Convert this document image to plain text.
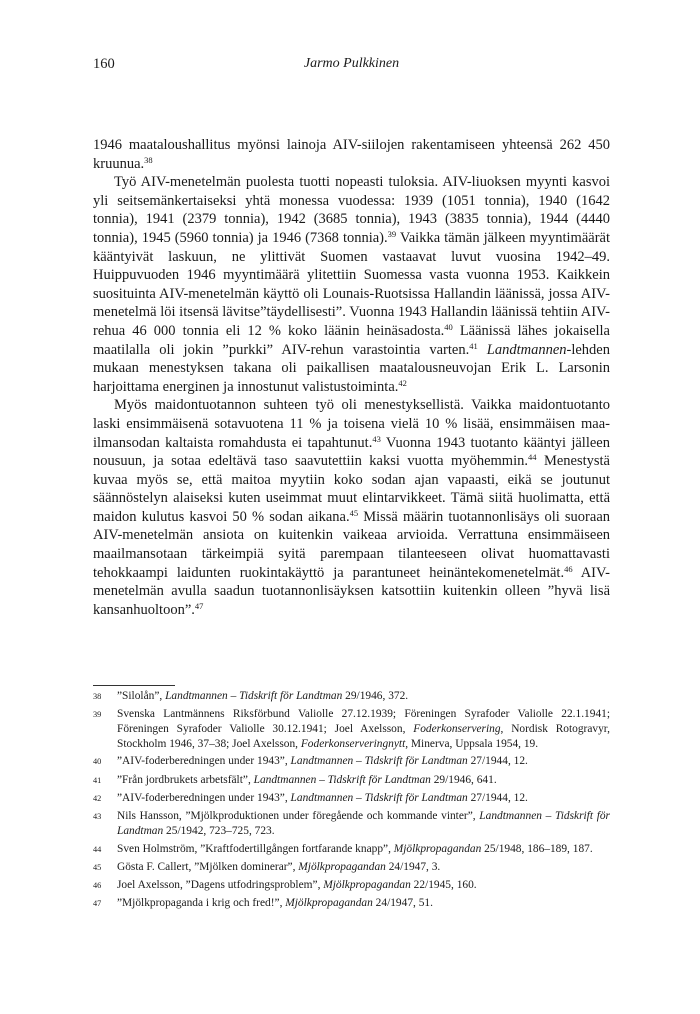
160	Jarmo Pulkkinen

1946 maataloushallitus myönsi lainoja AIV-siilojen rakentamiseen yhteensä 262 450 kruunua.$^{38}$

Työ AIV-menetelmän puolesta tuotti nopeasti tuloksia. AIV-liuoksen myynti kasvoi yli seitsemänkertaiseksi yhtä monessa vuodessa: 1939 (1051 tonnia), 1940 (1642 tonnia), 1941 (2379 tonnia), 1942 (3685 tonnia), 1943 (3835 tonnia), 1944 (4440 tonnia), 1945 (5960 tonnia) ja 1946 (7368 tonnia).$^{39}$ Vaikka tämän jälkeen myyntimäärät kääntyivät laskuun, ne ylittivät Suomen vastaavat luvut vuosina 1942–49. Huippuvuoden 1946 myyntimäärä ylitettiin Suomessa vasta vuonna 1953. Kaikkein suosituinta AIV-menetelmän käyttö oli Lounais-Ruotsissa Hallandin läänissä, jossa AIV-menetelmä löi itsensä lävitse”täydellisesti”. Vuonna 1943 Hallandin läänissä tehtiin AIV-rehua 46 000 tonnia eli 12 % koko läänin heinäsadosta.$^{40}$ Läänissä lähes jokaisella maatilalla oli jokin ”purkki” AIV-rehun varastointia varten.$^{41}$ Landtmannen-lehden mukaan menestyksen takana oli paikallisen maatalousneuvojan Erik L. Larsonin harjoittama energinen ja innostunut valistustoiminta.$^{42}$

Myös maidontuotannon suhteen työ oli menestyksellistä. Vaikka maidontuotanto laski ensimmäisenä sotavuotena 11 % ja toisena vielä 10 % lisää, ensimmäisen maailmansodan kaltaista romahdusta ei tapahtunut.$^{43}$ Vuonna 1943 tuotanto kääntyi jälleen nousuun, ja sotaa edeltävä taso saavutettiin kaksi vuotta myöhemmin.$^{44}$ Menestystä kuvaa myös se, että maitoa myytiin koko sodan ajan vapaasti, eikä se joutunut säännöstelyn alaiseksi kuten useimmat muut elintarvikkeet. Tämä siitä huolimatta, että maidon kulutus kasvoi 50 % sodan aikana.$^{45}$ Missä määrin tuotannonlisäys oli suoraan AIV-menetelmän ansiota on kuitenkin vaikeaa arvioida. Verrattuna ensimmäiseen maailmansotaan tärkeimpiä syitä parempaan tilanteeseen olivat huomattavasti tehokkaampi laidunten ruokintakäyttö ja parantuneet heinäntekomenetelmät.$^{46}$ AIV-menetelmän avulla saadun tuotannonlisäyksen katsottiin kuitenkin olleen ”hyvä lisä kansanhuoltoon”.$^{47}$

38	”Silolån”, Landtmannen – Tidskrift för Landtman 29/1946, 372.
39	Svenska Lantmännens Riksförbund Valiolle 27.12.1939; Föreningen Syrafoder Valiolle 22.1.1941; Föreningen Syrafoder Valiolle 30.12.1941; Joel Axelsson, Foderkonservering, Nordisk Rotogravyr, Stockholm 1946, 37–38; Joel Axelsson, Foderkonserveringnytt, Minerva, Uppsala 1954, 19.
40	”AIV-foderberedningen under 1943”, Landtmannen – Tidskrift för Landtman 27/1944, 12.
41	”Från jordbrukets arbetsfält”, Landtmannen – Tidskrift för Landtman 29/1946, 641.
42	”AIV-foderberedningen under 1943”, Landtmannen – Tidskrift för Landtman 27/1944, 12.
43	Nils Hansson, ”Mjölkproduktionen under föregående och kommande vinter”, Landtmannen – Tidskrift för Landtman 25/1942, 723–725, 723.
44	Sven Holmström, ”Kraftfodertillgången fortfarande knapp”, Mjölkpropagandan 25/1948, 186–189, 187.
45	Gösta F. Callert, ”Mjölken dominerar”, Mjölkpropagandan 24/1947, 3.
46	Joel Axelsson, ”Dagens utfodringsproblem”, Mjölkpropagandan 22/1945, 160.
47	”Mjölkpropaganda i krig och fred!”, Mjölkpropagandan 24/1947, 51.
